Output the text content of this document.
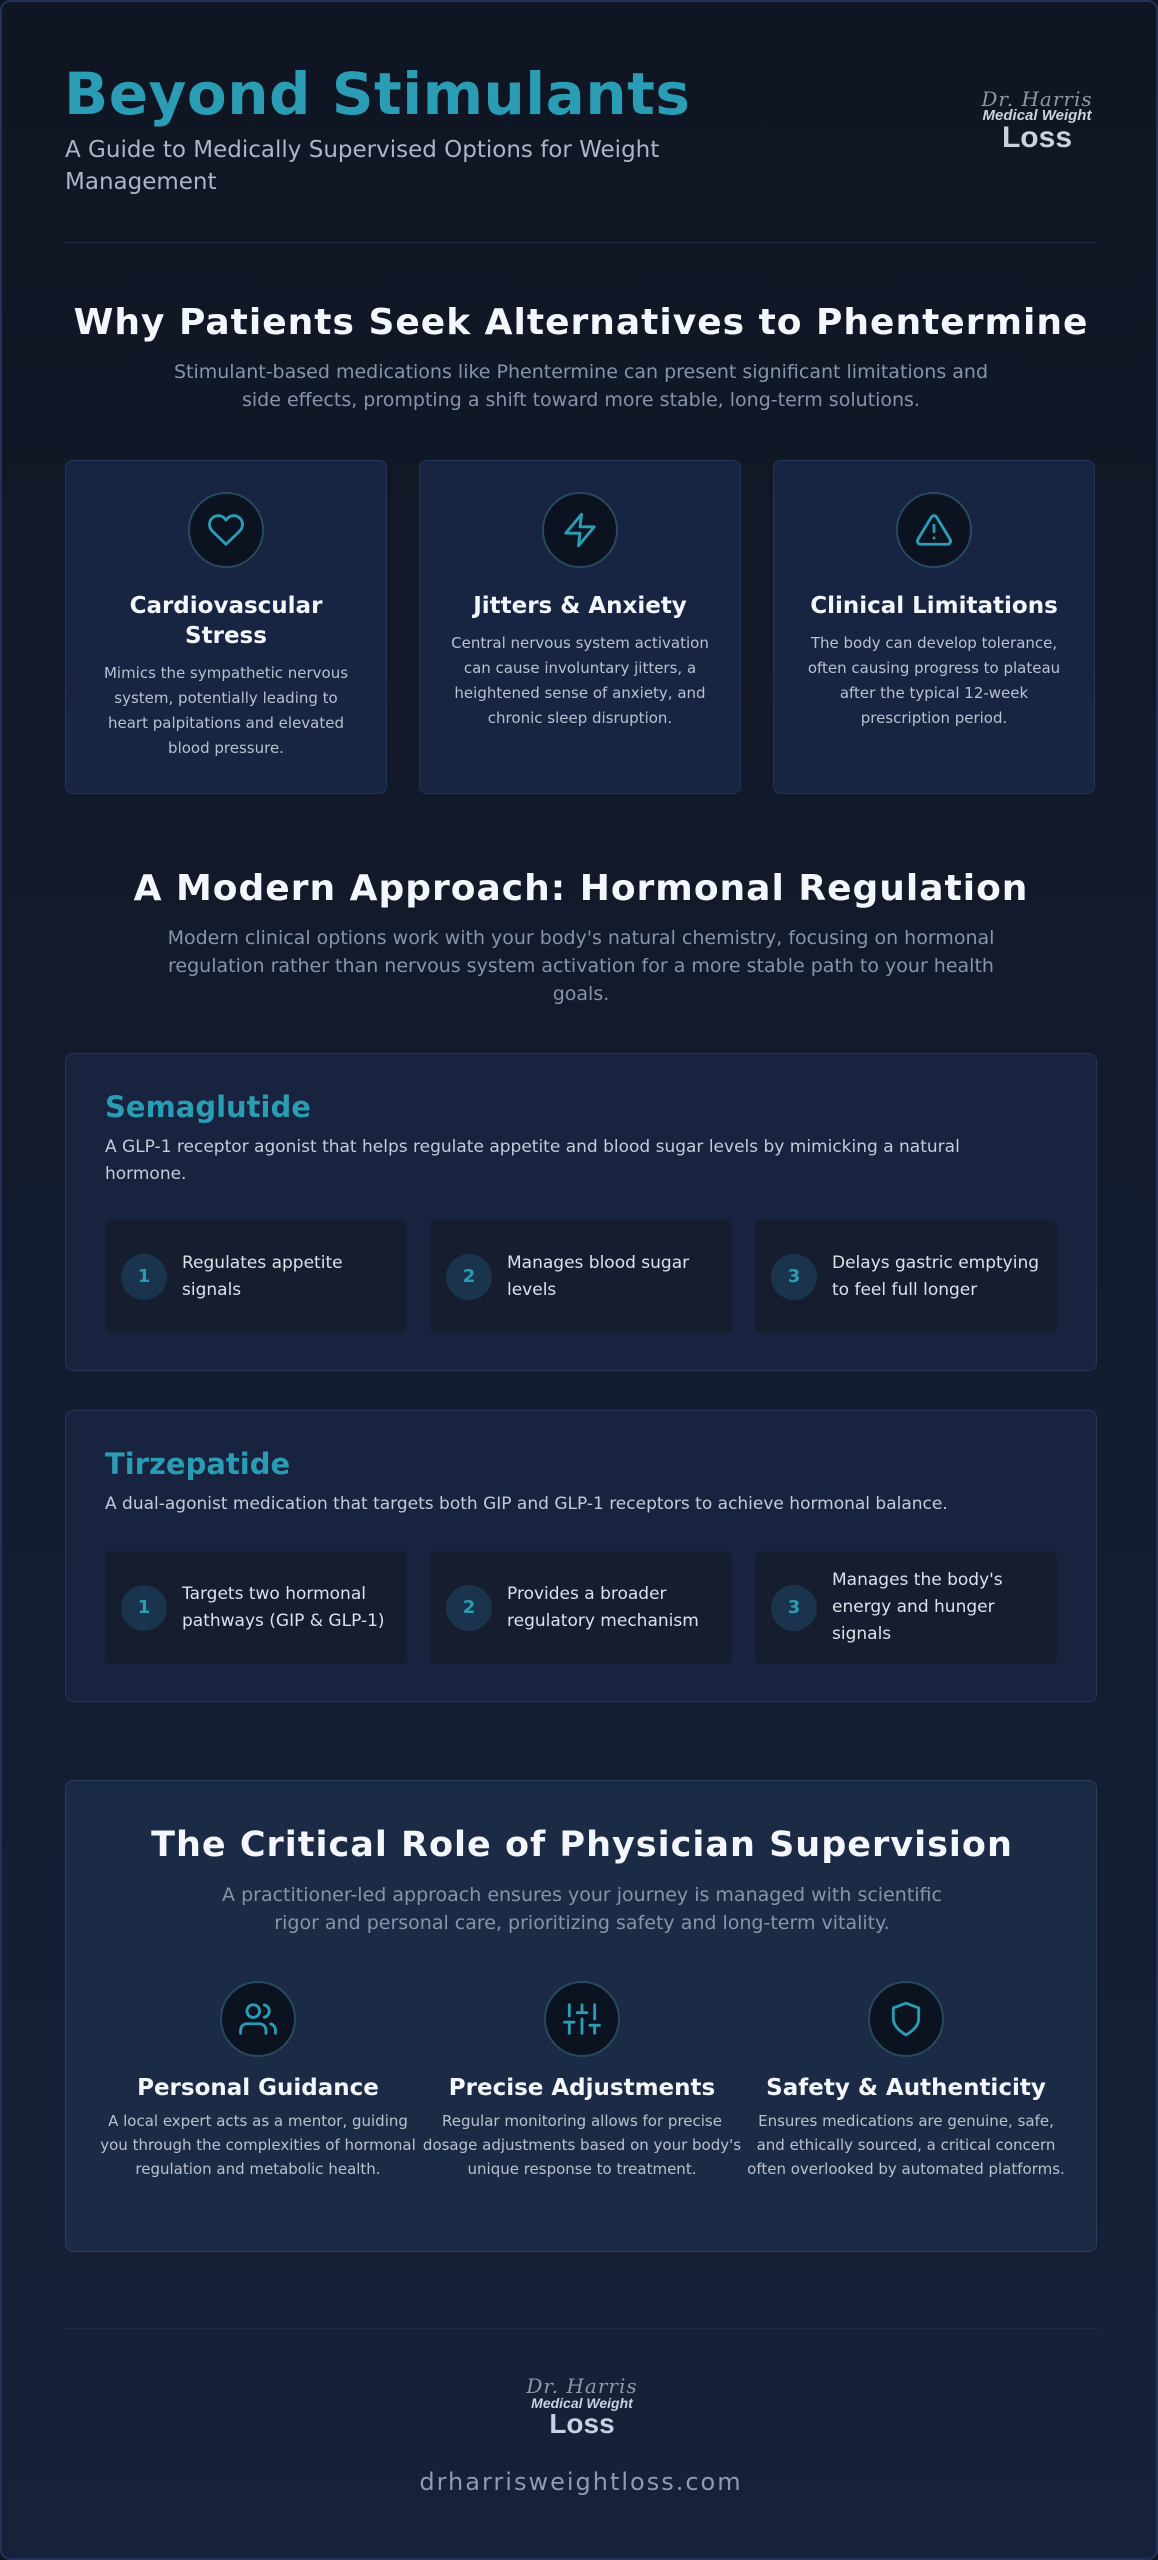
Beyond Stimulants
A Guide to Medically Supervised Options for Weight Management
Dr. Harris
Medical Weight
Loss
Why Patients Seek Alternatives to Phentermine
Stimulant-based medications like Phentermine can present significant limitations and side effects, prompting a shift toward more stable, long-term solutions.
Cardiovascular Stress
Mimics the sympathetic nervous system, potentially leading to heart palpitations and elevated blood pressure.
Jitters & Anxiety
Central nervous system activation can cause involuntary jitters, a heightened sense of anxiety, and chronic sleep disruption.
Clinical Limitations
The body can develop tolerance, often causing progress to plateau after the typical 12-week prescription period.
A Modern Approach: Hormonal Regulation
Modern clinical options work with your body's natural chemistry, focusing on hormonal regulation rather than nervous system activation for a more stable path to your health goals.
Semaglutide
A GLP-1 receptor agonist that helps regulate appetite and blood sugar levels by mimicking a natural hormone.
1
Regulates appetite signals
2
Manages blood sugar levels
3
Delays gastric emptying to feel full longer
Tirzepatide
A dual-agonist medication that targets both GIP and GLP-1 receptors to achieve hormonal balance.
1
Targets two hormonal pathways (GIP & GLP-1)
2
Provides a broader regulatory mechanism
3
Manages the body's energy and hunger signals
The Critical Role of Physician Supervision
A practitioner-led approach ensures your journey is managed with scientific rigor and personal care, prioritizing safety and long-term vitality.
Personal Guidance
A local expert acts as a mentor, guiding you through the complexities of hormonal regulation and metabolic health.
Precise Adjustments
Regular monitoring allows for precise dosage adjustments based on your body's unique response to treatment.
Safety & Authenticity
Ensures medications are genuine, safe, and ethically sourced, a critical concern often overlooked by automated platforms.
Dr. Harris
Medical Weight
Loss
drharrisweightloss.com
